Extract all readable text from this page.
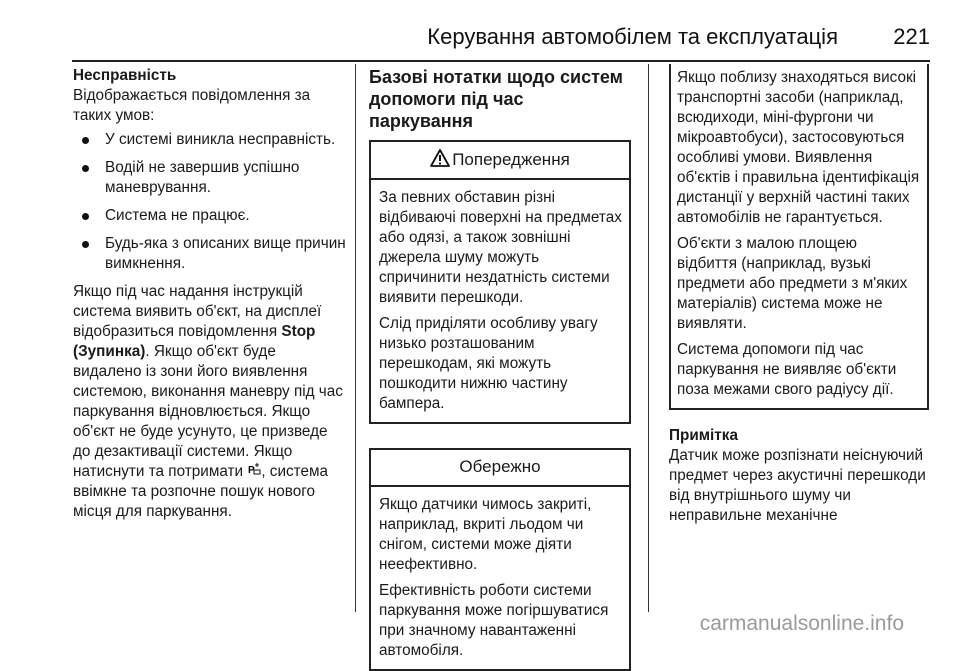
Керування автомобілем та експлуатація	221
Несправність
Відображається повідомлення за таких умов:
У системі виникла несправність.
Водій не завершив успішно маневрування.
Система не працює.
Будь-яка з описаних вище причин вимкнення.

Якщо під час надання інструкцій система виявить об'єкт, на дисплеї відобразиться повідомлення Stop (Зупинка). Якщо об'єкт буде видалено із зони його виявлення системою, виконання маневру під час паркування відновлюється. Якщо об'єкт не буде усунуто, це призведе до дезактивації системи. Якщо натиснути та потримати P , система ввімкне та розпочне пошук нового місця для паркування.

Базові нотатки щодо систем допомоги під час паркування
Попередження

За певних обставин різні відбиваючі поверхні на предметах або одязі, а також зовнішні джерела шуму можуть спричинити нездатність системи виявити перешкоди.

Слід приділяти особливу увагу низько розташованим перешкодам, які можуть пошкодити нижню частину бампера.

Обережно

Якщо датчики чимось закриті, наприклад, вкриті льодом чи снігом, системи може діяти неефективно.

Ефективність роботи системи паркування може погіршуватися при значному навантаженні автомобіля.

Якщо поблизу знаходяться високі транспортні засоби (наприклад, всюдиходи, міні-фургони чи мікроавтобуси), застосовуються особливі умови. Виявлення об'єктів і правильна ідентифікація дистанції у верхній частині таких автомобілів не гарантується.

Об'єкти з малою площею відбиття (наприклад, вузькі предмети або предмети з м'яких матеріалів) система може не виявляти.

Система допомоги під час паркування не виявляє об'єкти поза межами свого радіусу дії.

Примітка
Датчик може розпізнати неіснуючий предмет через акустичні перешкоди від внутрішнього шуму чи неправильне механічне
carmanualsonline.info
